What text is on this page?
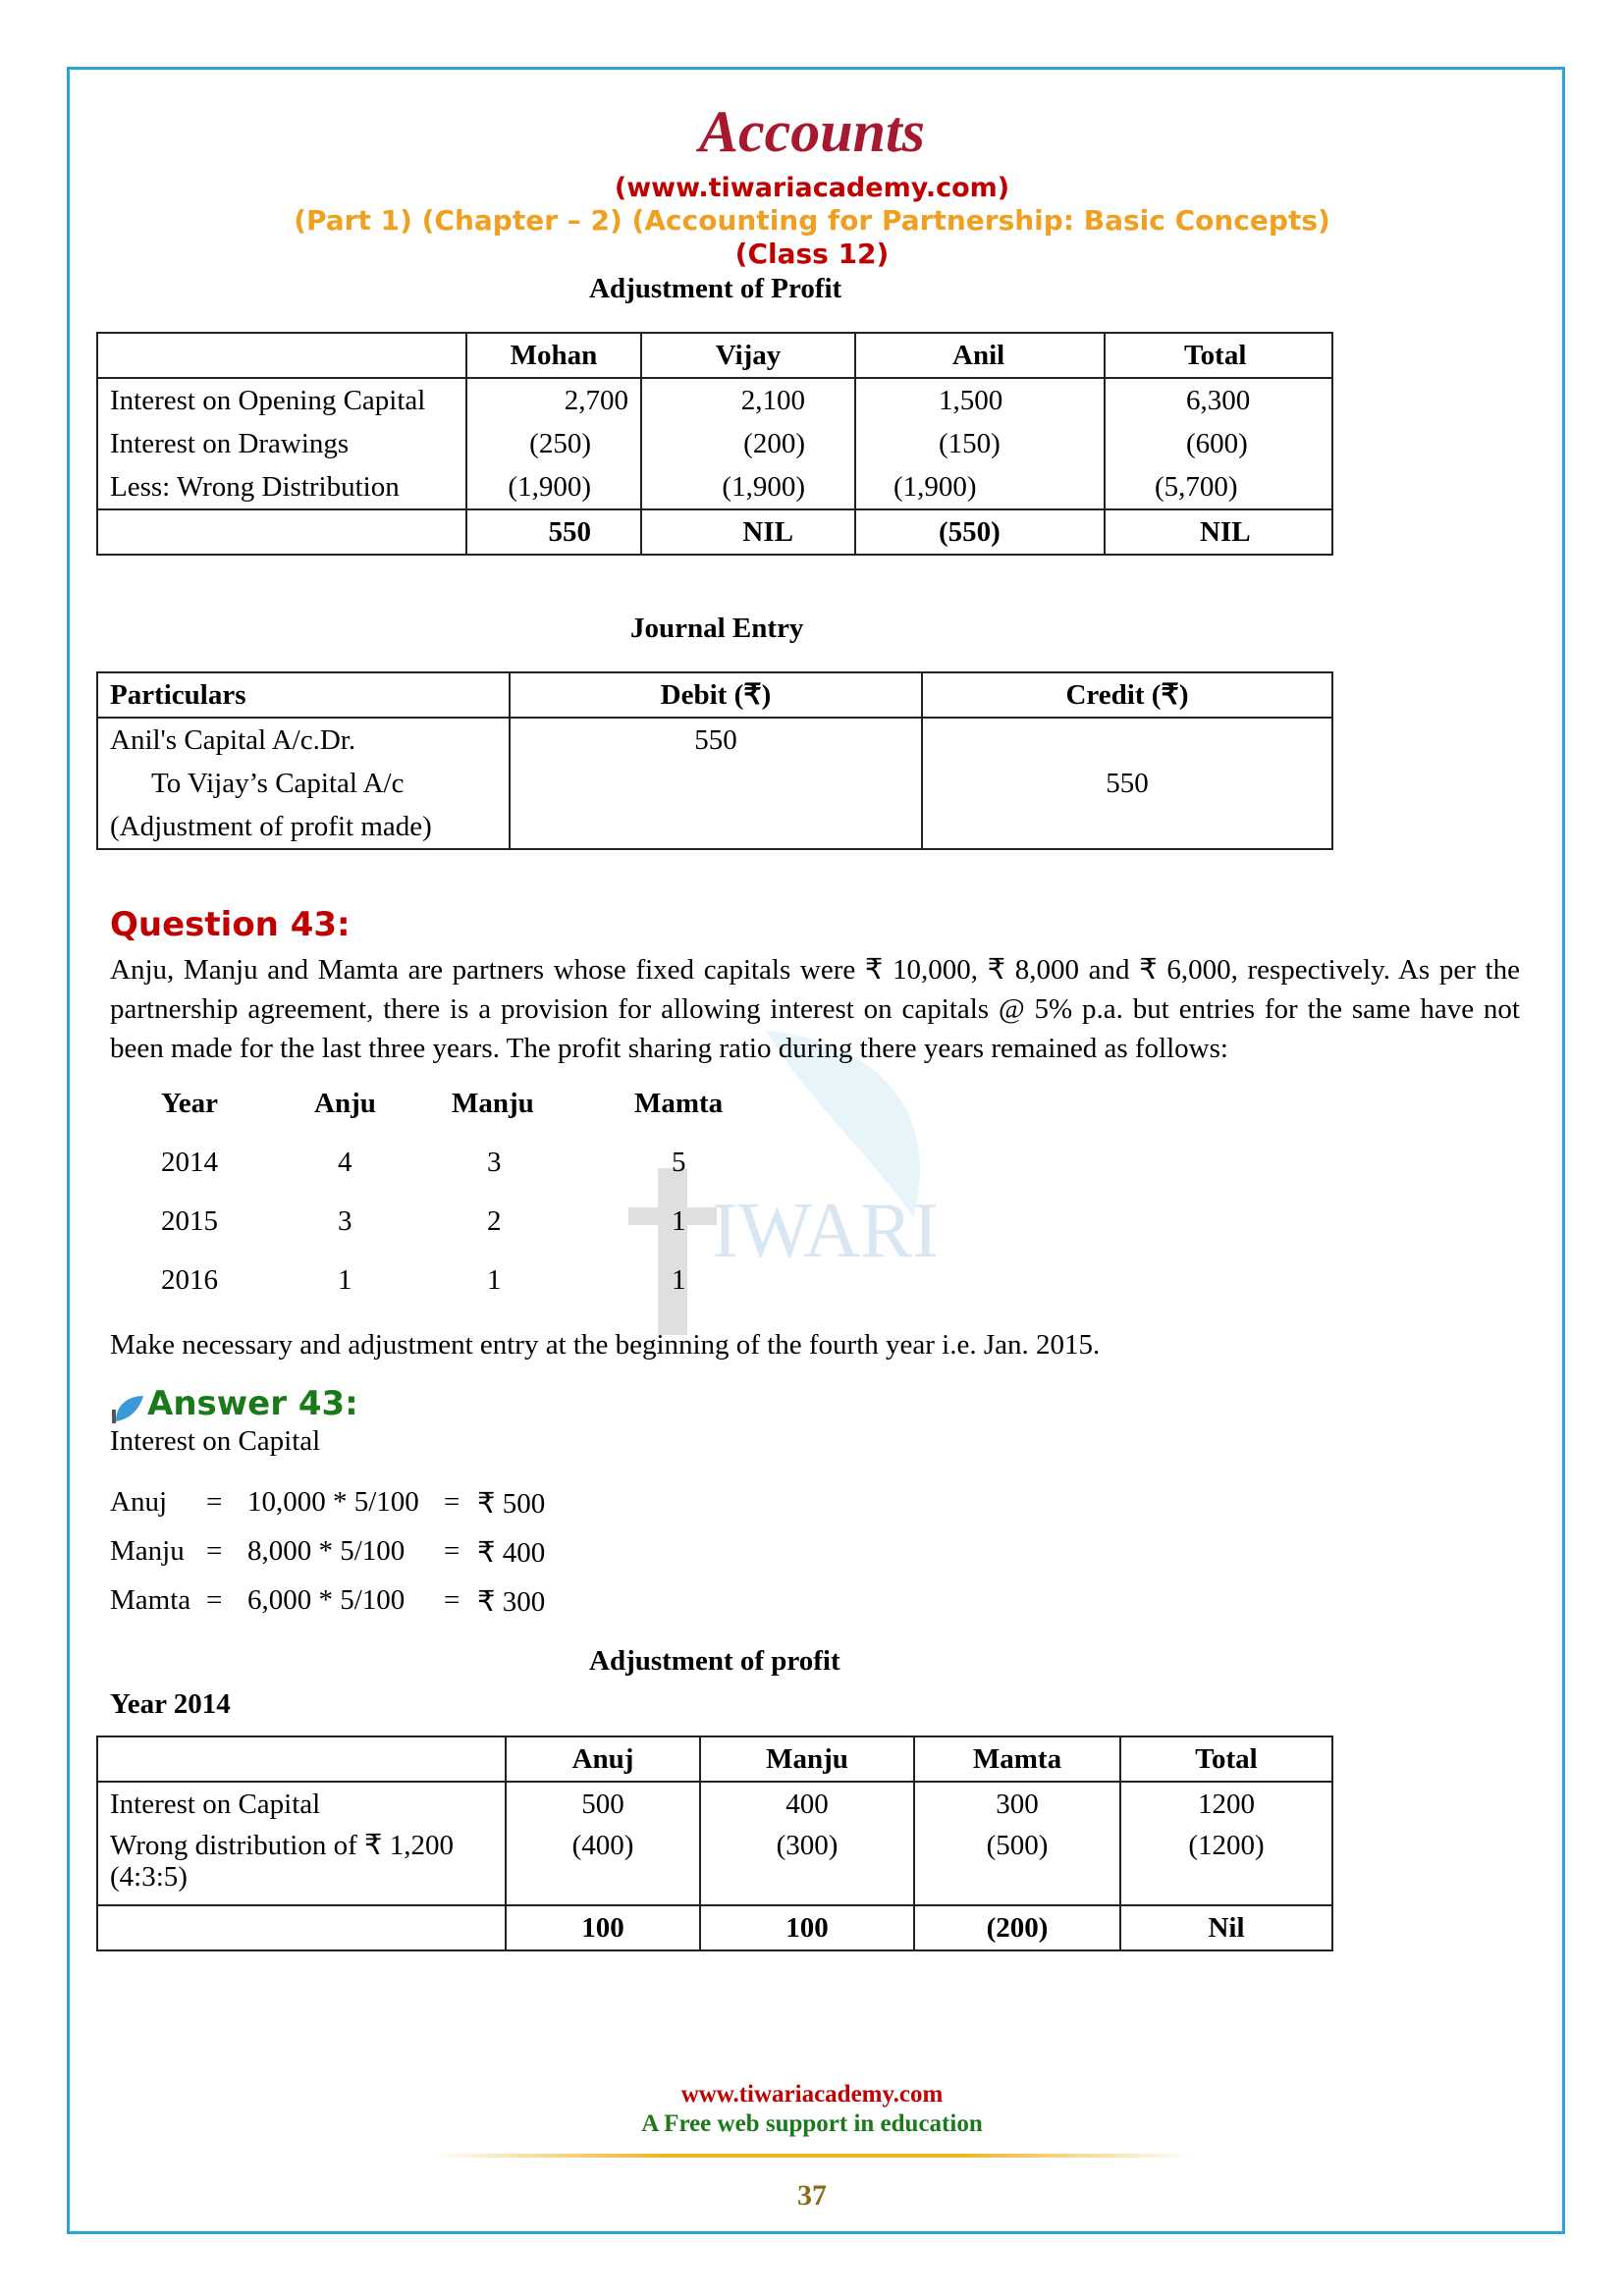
IWARI
Accounts
(www.tiwariacademy.com)
(Part 1) (Chapter – 2) (Accounting for Partnership: Basic Concepts)
(Class 12)
Adjustment of Profit
	Mohan	Vijay	Anil	Total
Interest on Opening Capital	2,700	2,100	1,500	6,300
Interest on Drawings	(250)	(200)	(150)	(600)
Less: Wrong Distribution	(1,900)	(1,900)	(1,900)	(5,700)
	550	NIL	(550)	NIL
Journal Entry
Particulars	Debit (₹)	Credit (₹)
Anil's Capital A/c.Dr.	550	
To Vijay’s Capital A/c		550
(Adjustment of profit made)		
Question 43:
Anju, Manju and Mamta are partners whose fixed capitals were ₹ 10,000, ₹ 8,000 and ₹ 6,000, respectively. As per the partnership agreement, there is a provision for allowing interest on capitals @ 5% p.a. but entries for the same have not been made for the last three years. The profit sharing ratio during there years remained as follows:
Year	Anju	Manju	Mamta
2014	4	3	5
2015	3	2	1
2016	1	1	1
Make necessary and adjustment entry at the beginning of the fourth year i.e. Jan. 2015.
Answer 43:
Interest on Capital
Anuj = 10,000 * 5/100 = ₹ 500
Manju = 8,000 * 5/100 = ₹ 400
Mamta = 6,000 * 5/100 = ₹ 300
Adjustment of profit
Year 2014
	Anuj	Manju	Mamta	Total
Interest on Capital	500	400	300	1200

Wrong distribution of ₹ 1,200
(4:3:5)	(400)	(300)	(500)	(1200)
	100	100	(200)	Nil
www.tiwariacademy.com
A Free web support in education
37
